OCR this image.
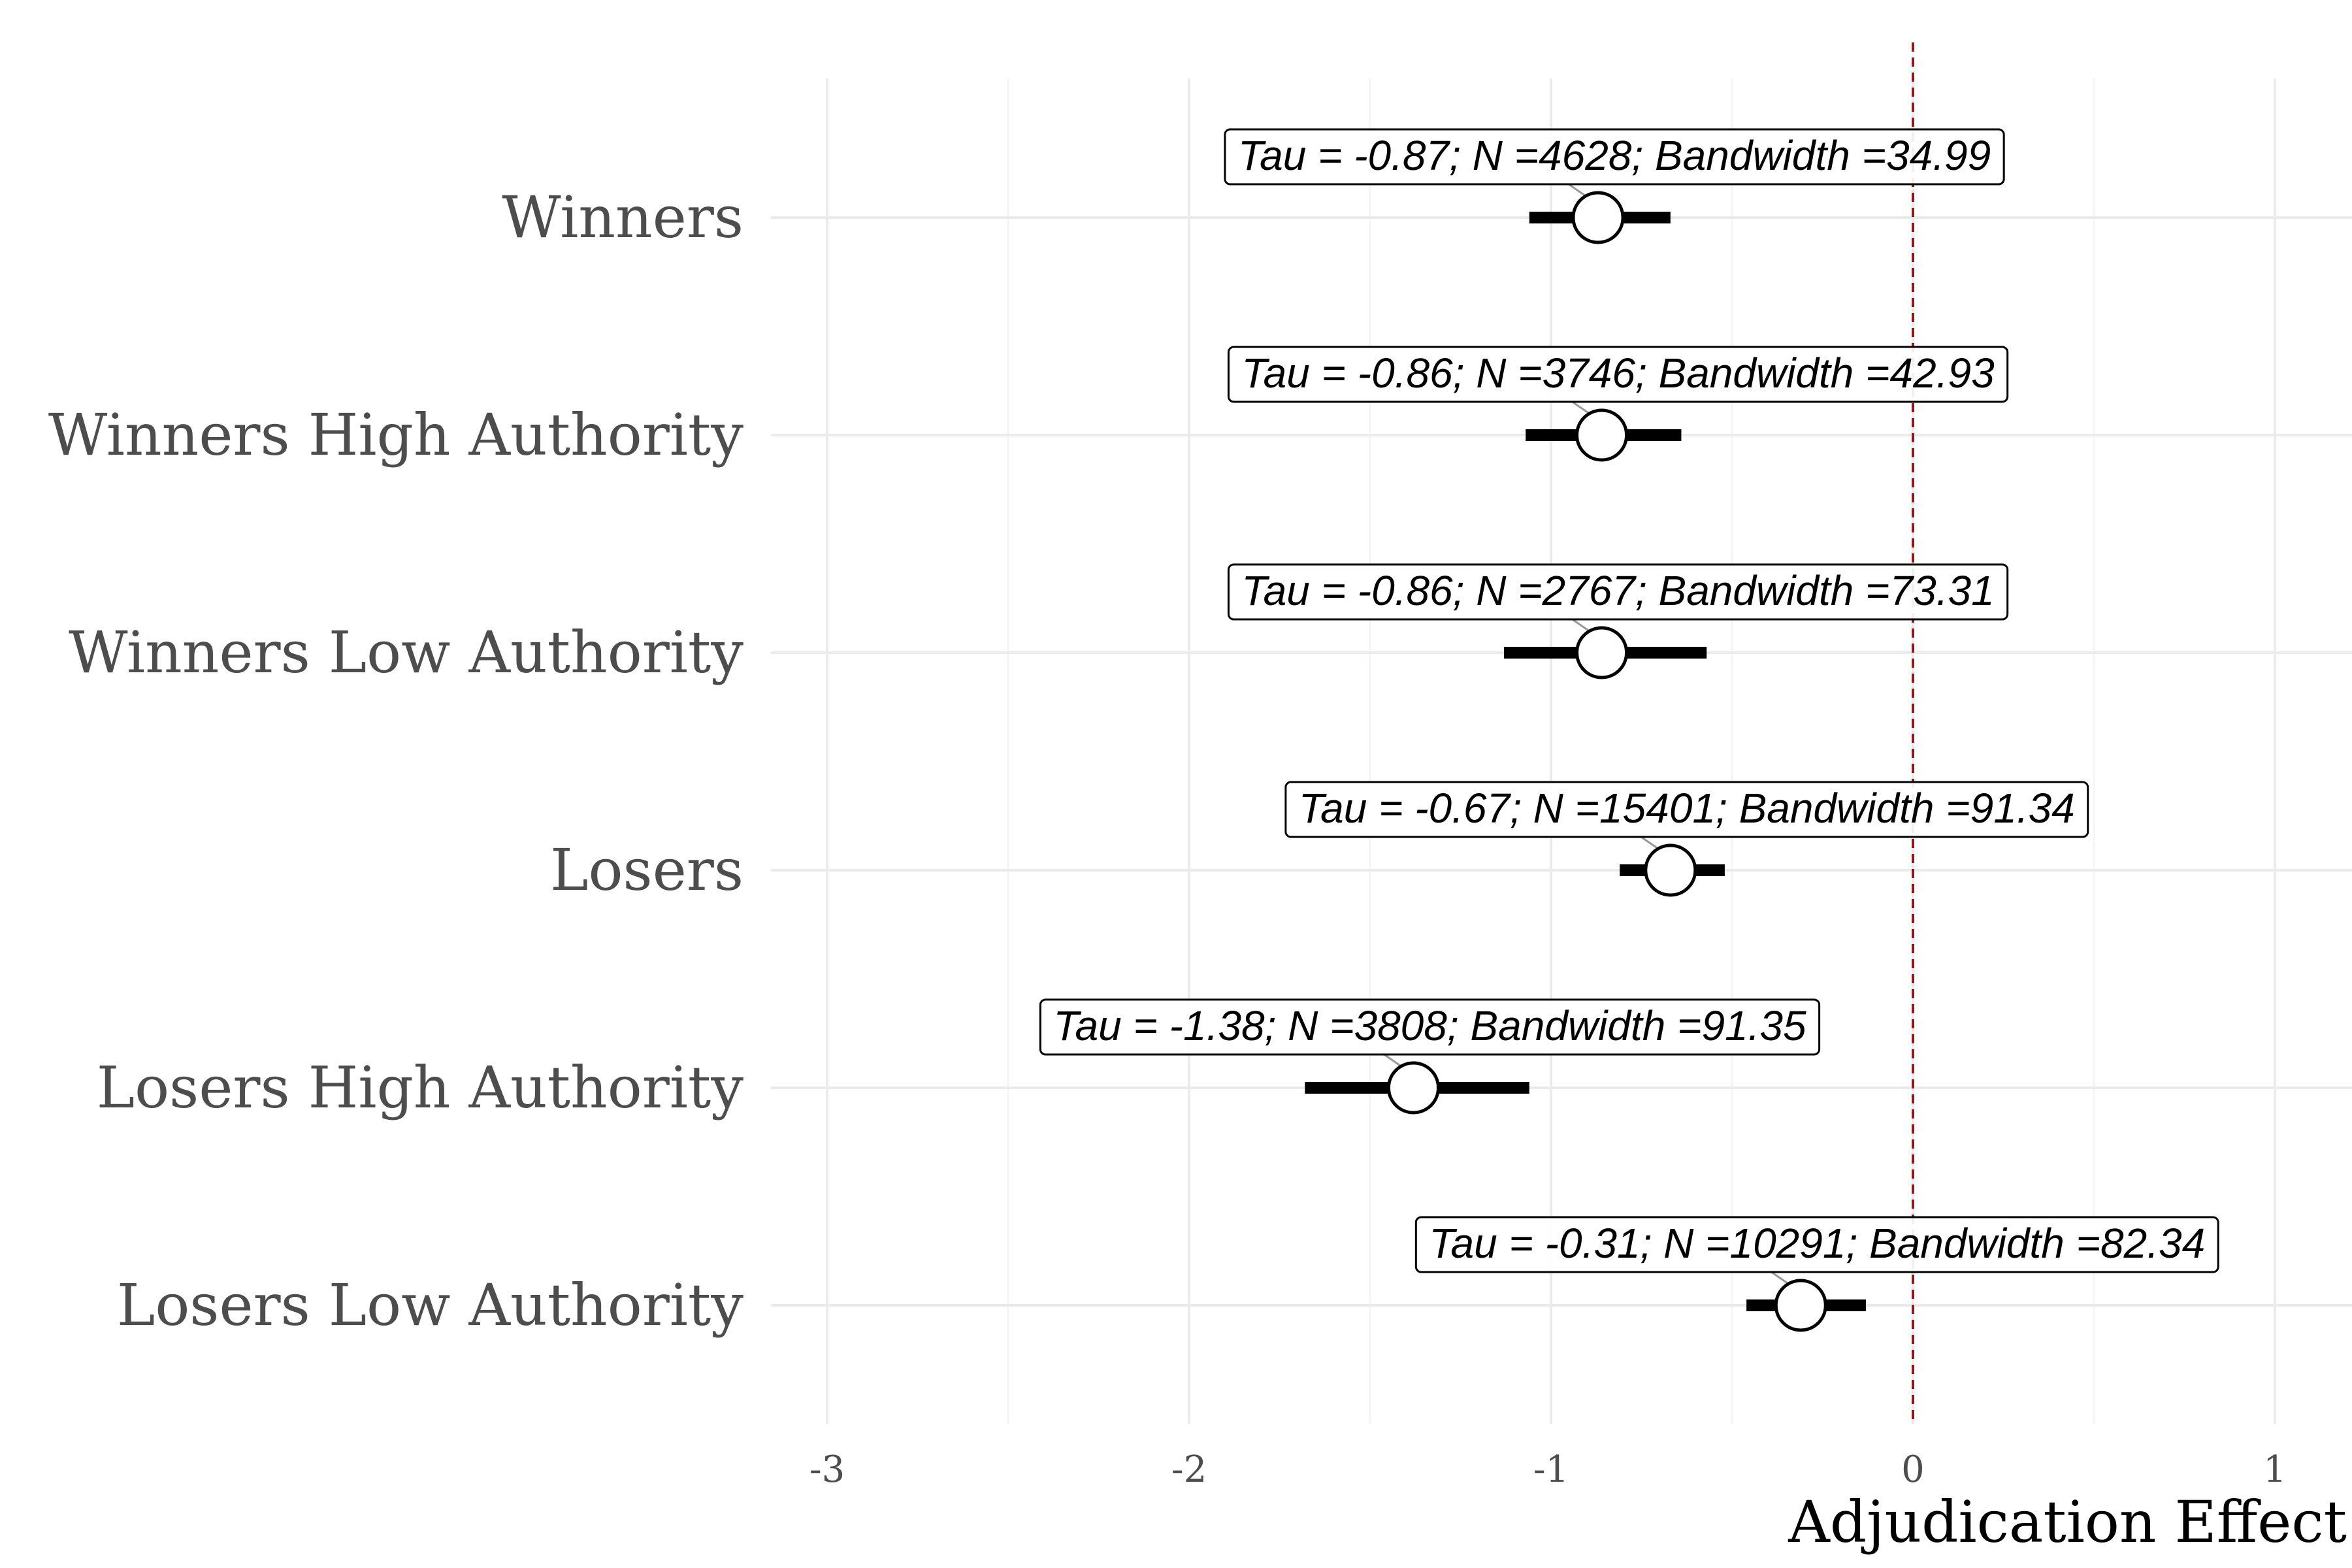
Tau = -0.87; N =4628; Bandwidth =34.99
Tau = -0.86; N =3746; Bandwidth =42.93
Tau = -0.86; N =2767; Bandwidth =73.31
Tau = -0.67; N =15401; Bandwidth =91.34
Tau = -1.38; N =3808; Bandwidth =91.35
Tau = -0.31; N =10291; Bandwidth =82.34
Winners
Winners High Authority
Winners Low Authority
Losers
Losers High Authority
Losers Low Authority
-3	-2	-1	0	1
Adjudication Effect
